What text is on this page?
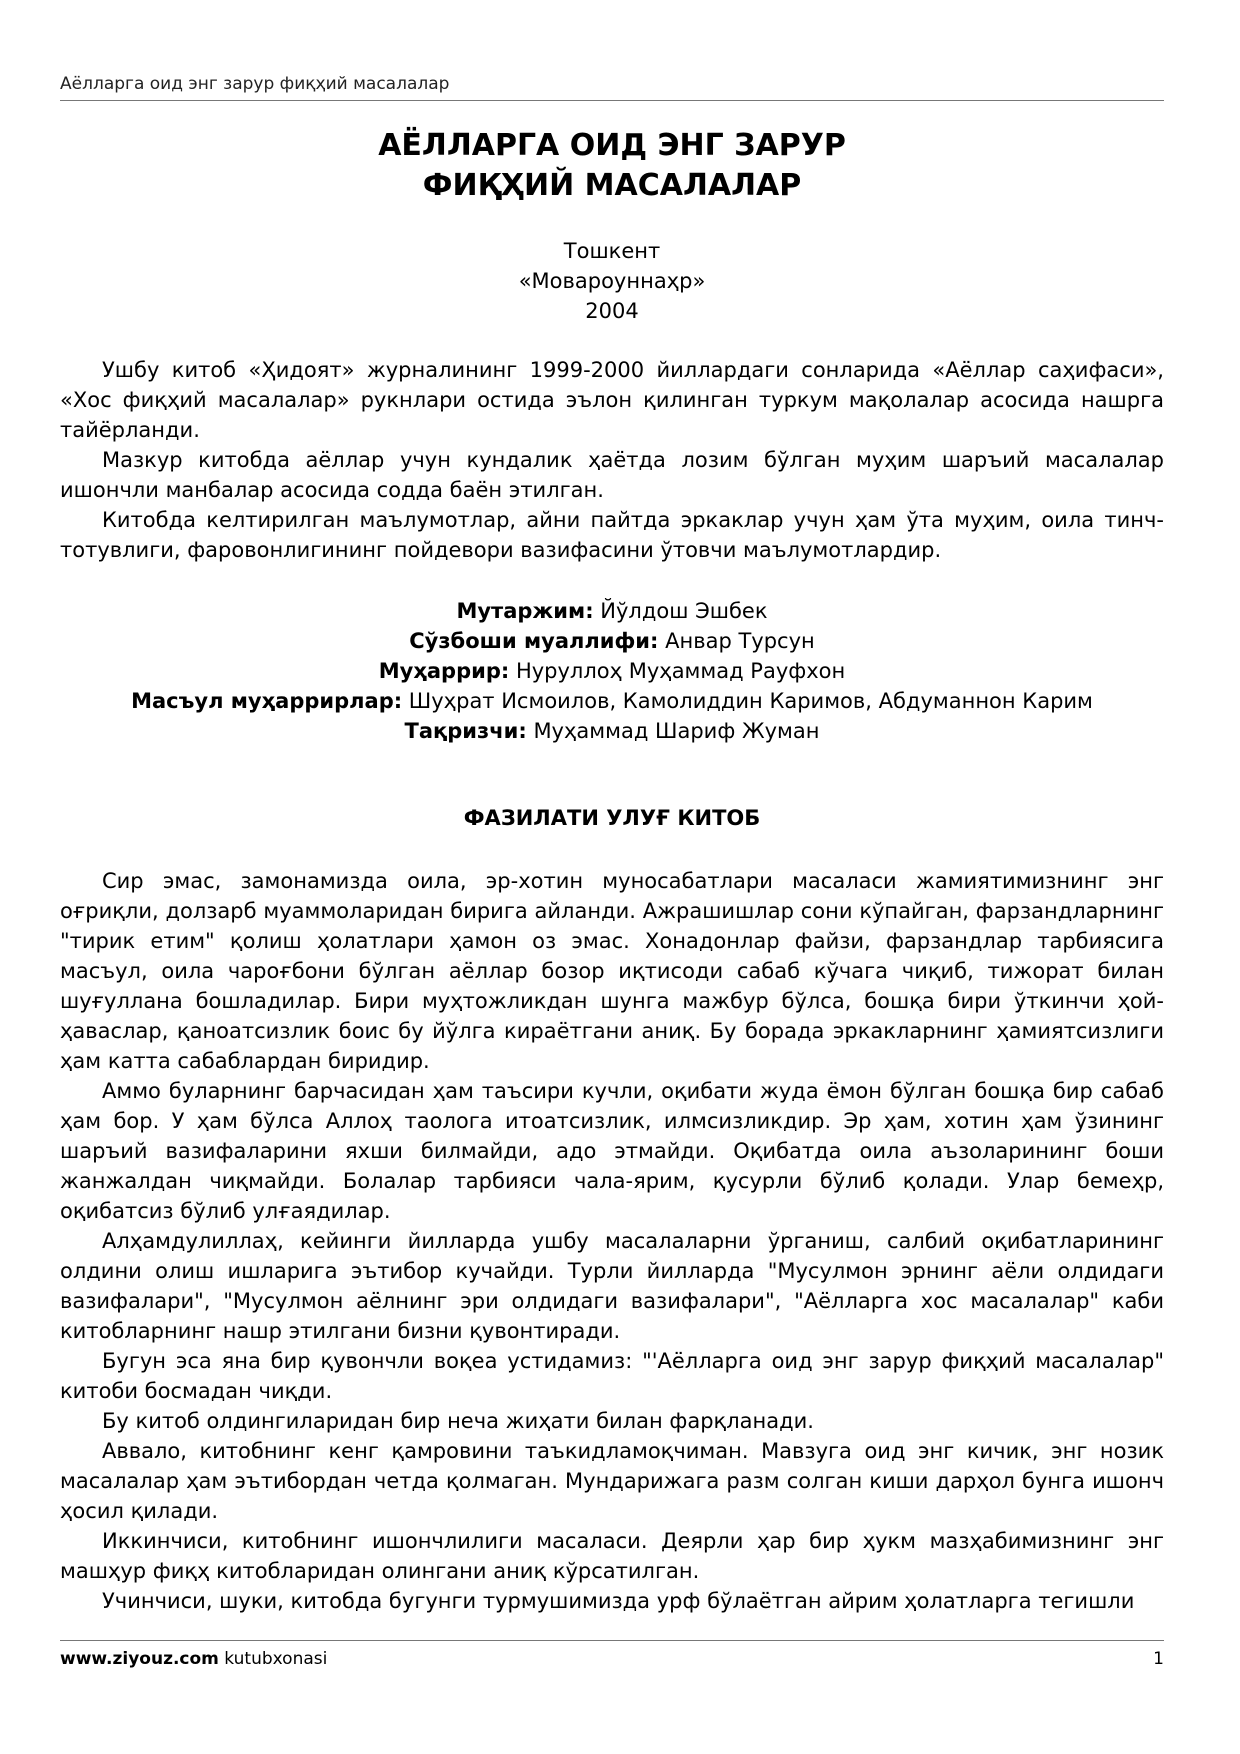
Аёлларга оид энг зарур фиқҳий масалалар
АЁЛЛАРГА ОИД ЭНГ ЗАРУР
ФИҚҲИЙ МАСАЛАЛАР
Тошкент
«Мовароуннаҳр»
2004

Ушбу китоб «Ҳидоят» журналининг 1999-2000 йиллардаги сонларида «Аёллар саҳифаси», «Хос фиқҳий масалалар» рукнлари остида эълон қилинган туркум мақолалар асосида нашрга тайёрланди.

Мазкур китобда аёллар учун кундалик ҳаётда лозим бўлган муҳим шаръий масалалар ишончли манбалар асосида содда баён этилган.

Китобда келтирилган маълумотлар, айни пайтда эркаклар учун ҳам ўта муҳим, оила тинч-тотувлиги, фаровонлигининг пойдевори вазифасини ўтовчи маълумотлардир.

Мутаржим: Йўлдош Эшбек
Сўзбоши муаллифи: Анвар Турсун
Муҳаррир: Нуруллоҳ Муҳаммад Рауфхон
Масъул муҳаррирлар: Шуҳрат Исмоилов, Камолиддин Каримов, Абдуманнон Карим
Тақризчи: Муҳаммад Шариф Жуман
ФАЗИЛАТИ УЛУҒ КИТОБ

Сир эмас, замонамизда оила, эр-хотин муносабатлари масаласи жамиятимизнинг энг оғриқли, долзарб муаммоларидан бирига айланди. Ажрашишлар сони кўпайган, фарзандларнинг "тирик етим" қолиш ҳолатлари ҳамон оз эмас. Хонадонлар файзи, фарзандлар тарбиясига масъул, оила чароғбони бўлган аёллар бозор иқтисоди сабаб кўчага чиқиб, тижорат билан шуғуллана бошладилар. Бири муҳтожликдан шунга мажбур бўлса, бошқа бири ўткинчи ҳой-ҳаваслар, қаноатсизлик боис бу йўлга кираётгани аниқ. Бу борада эркакларнинг ҳамиятсизлиги ҳам катта сабаблардан биридир.

Аммо буларнинг барчасидан ҳам таъсири кучли, оқибати жуда ёмон бўлган бошқа бир сабаб ҳам бор. У ҳам бўлса Аллоҳ таолога итоатсизлик, илмсизликдир. Эр ҳам, хотин ҳам ўзининг шаръий вазифаларини яхши билмайди, адо этмайди. Оқибатда оила аъзоларининг боши жанжалдан чиқмайди. Болалар тарбияси чала-ярим, қусурли бўлиб қолади. Улар бемеҳр, оқибатсиз бўлиб улғаядилар.

Алҳамдулиллаҳ, кейинги йилларда ушбу масалаларни ўрганиш, салбий оқибатларининг олдини олиш ишларига эътибор кучайди. Турли йилларда "Мусулмон эрнинг аёли олдидаги вазифалари", "Мусулмон аёлнинг эри олдидаги вазифалари", "Аёлларга хос масалалар" каби китобларнинг нашр этилгани бизни қувонтиради.

Бугун эса яна бир қувончли воқеа устидамиз: "'Аёлларга оид энг зарур фиқҳий масалалар" китоби босмадан чиқди.

Бу китоб олдингиларидан бир неча жиҳати билан фарқланади.

Аввало, китобнинг кенг қамровини таъкидламоқчиман. Мавзуга оид энг кичик, энг нозик масалалар ҳам эътибордан четда қолмаган. Мундарижага разм солган киши дарҳол бунга ишонч ҳосил қилади.

Иккинчиси, китобнинг ишончлилиги масаласи. Деярли ҳар бир ҳукм мазҳабимизнинг энг машҳур фиқҳ китобларидан олингани аниқ кўрсатилган.

Учинчиси, шуки, китобда бугунги турмушимизда урф бўлаётган айрим ҳолатларга тегишли

www.ziyouz.com kutubxonasi	1
